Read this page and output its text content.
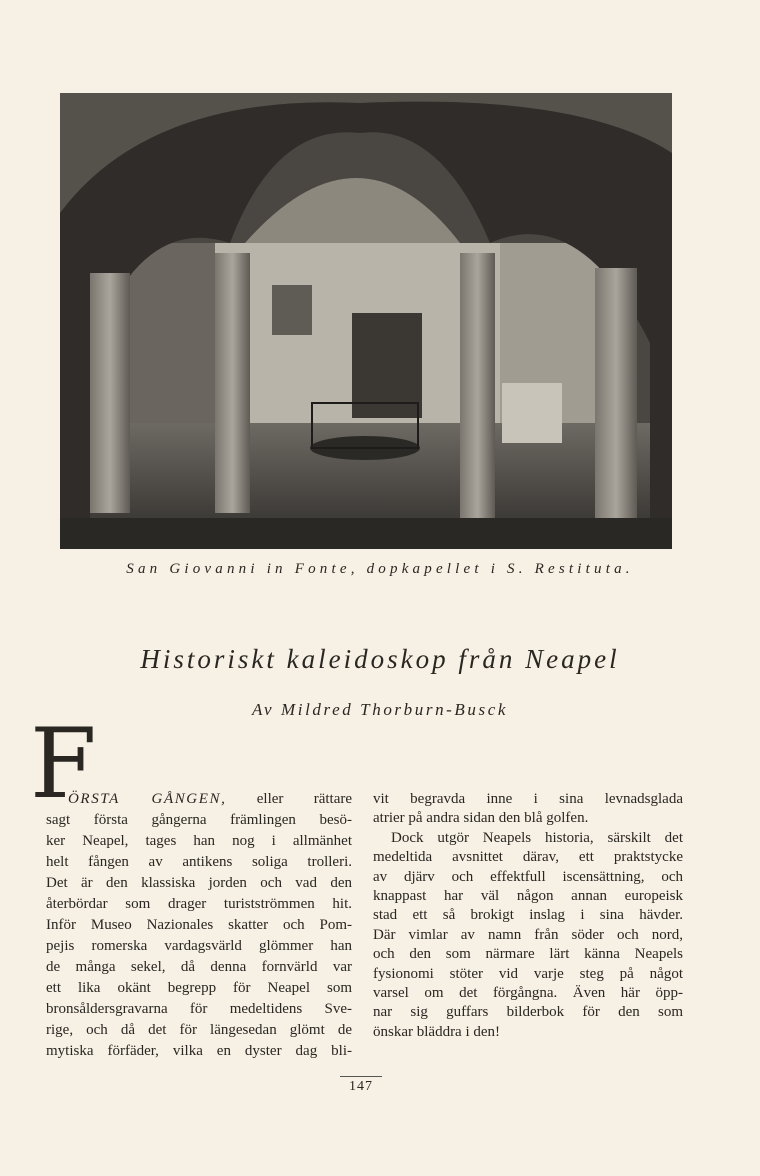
San Giovanni in Fonte, dopkapellet i S. Restituta.
Historiskt kaleidoskop från Neapel
Av Mildred Thorburn-Busck
F
ÖRSTA GÅNGEN, eller rättare
sagt första gångerna främlingen besö-
ker Neapel, tages han nog i allmänhet
helt fången av antikens soliga trolleri.
Det är den klassiska jorden och vad den
återbördar som drager turistströmmen hit.
Inför Museo Nazionales skatter och Pom-
pejis romerska vardagsvärld glömmer han
de många sekel, då denna fornvärld var
ett lika okänt begrepp för Neapel som
bronsåldersgravarna för medeltidens Sve-
rige, och då det för längesedan glömt de
mytiska förfäder, vilka en dyster dag bli-
vit begravda inne i sina levnadsglada
atrier på andra sidan den blå golfen.
Dock utgör Neapels historia, särskilt det
medeltida avsnittet därav, ett praktstycke
av djärv och effektfull iscensättning, och
knappast har väl någon annan europeisk
stad ett så brokigt inslag i sina hävder.
Där vimlar av namn från söder och nord,
och den som närmare lärt känna Neapels
fysionomi stöter vid varje steg på något
varsel om det förgångna. Även här öpp-
nar sig guffars bilderbok för den som
önskar bläddra i den!
147
